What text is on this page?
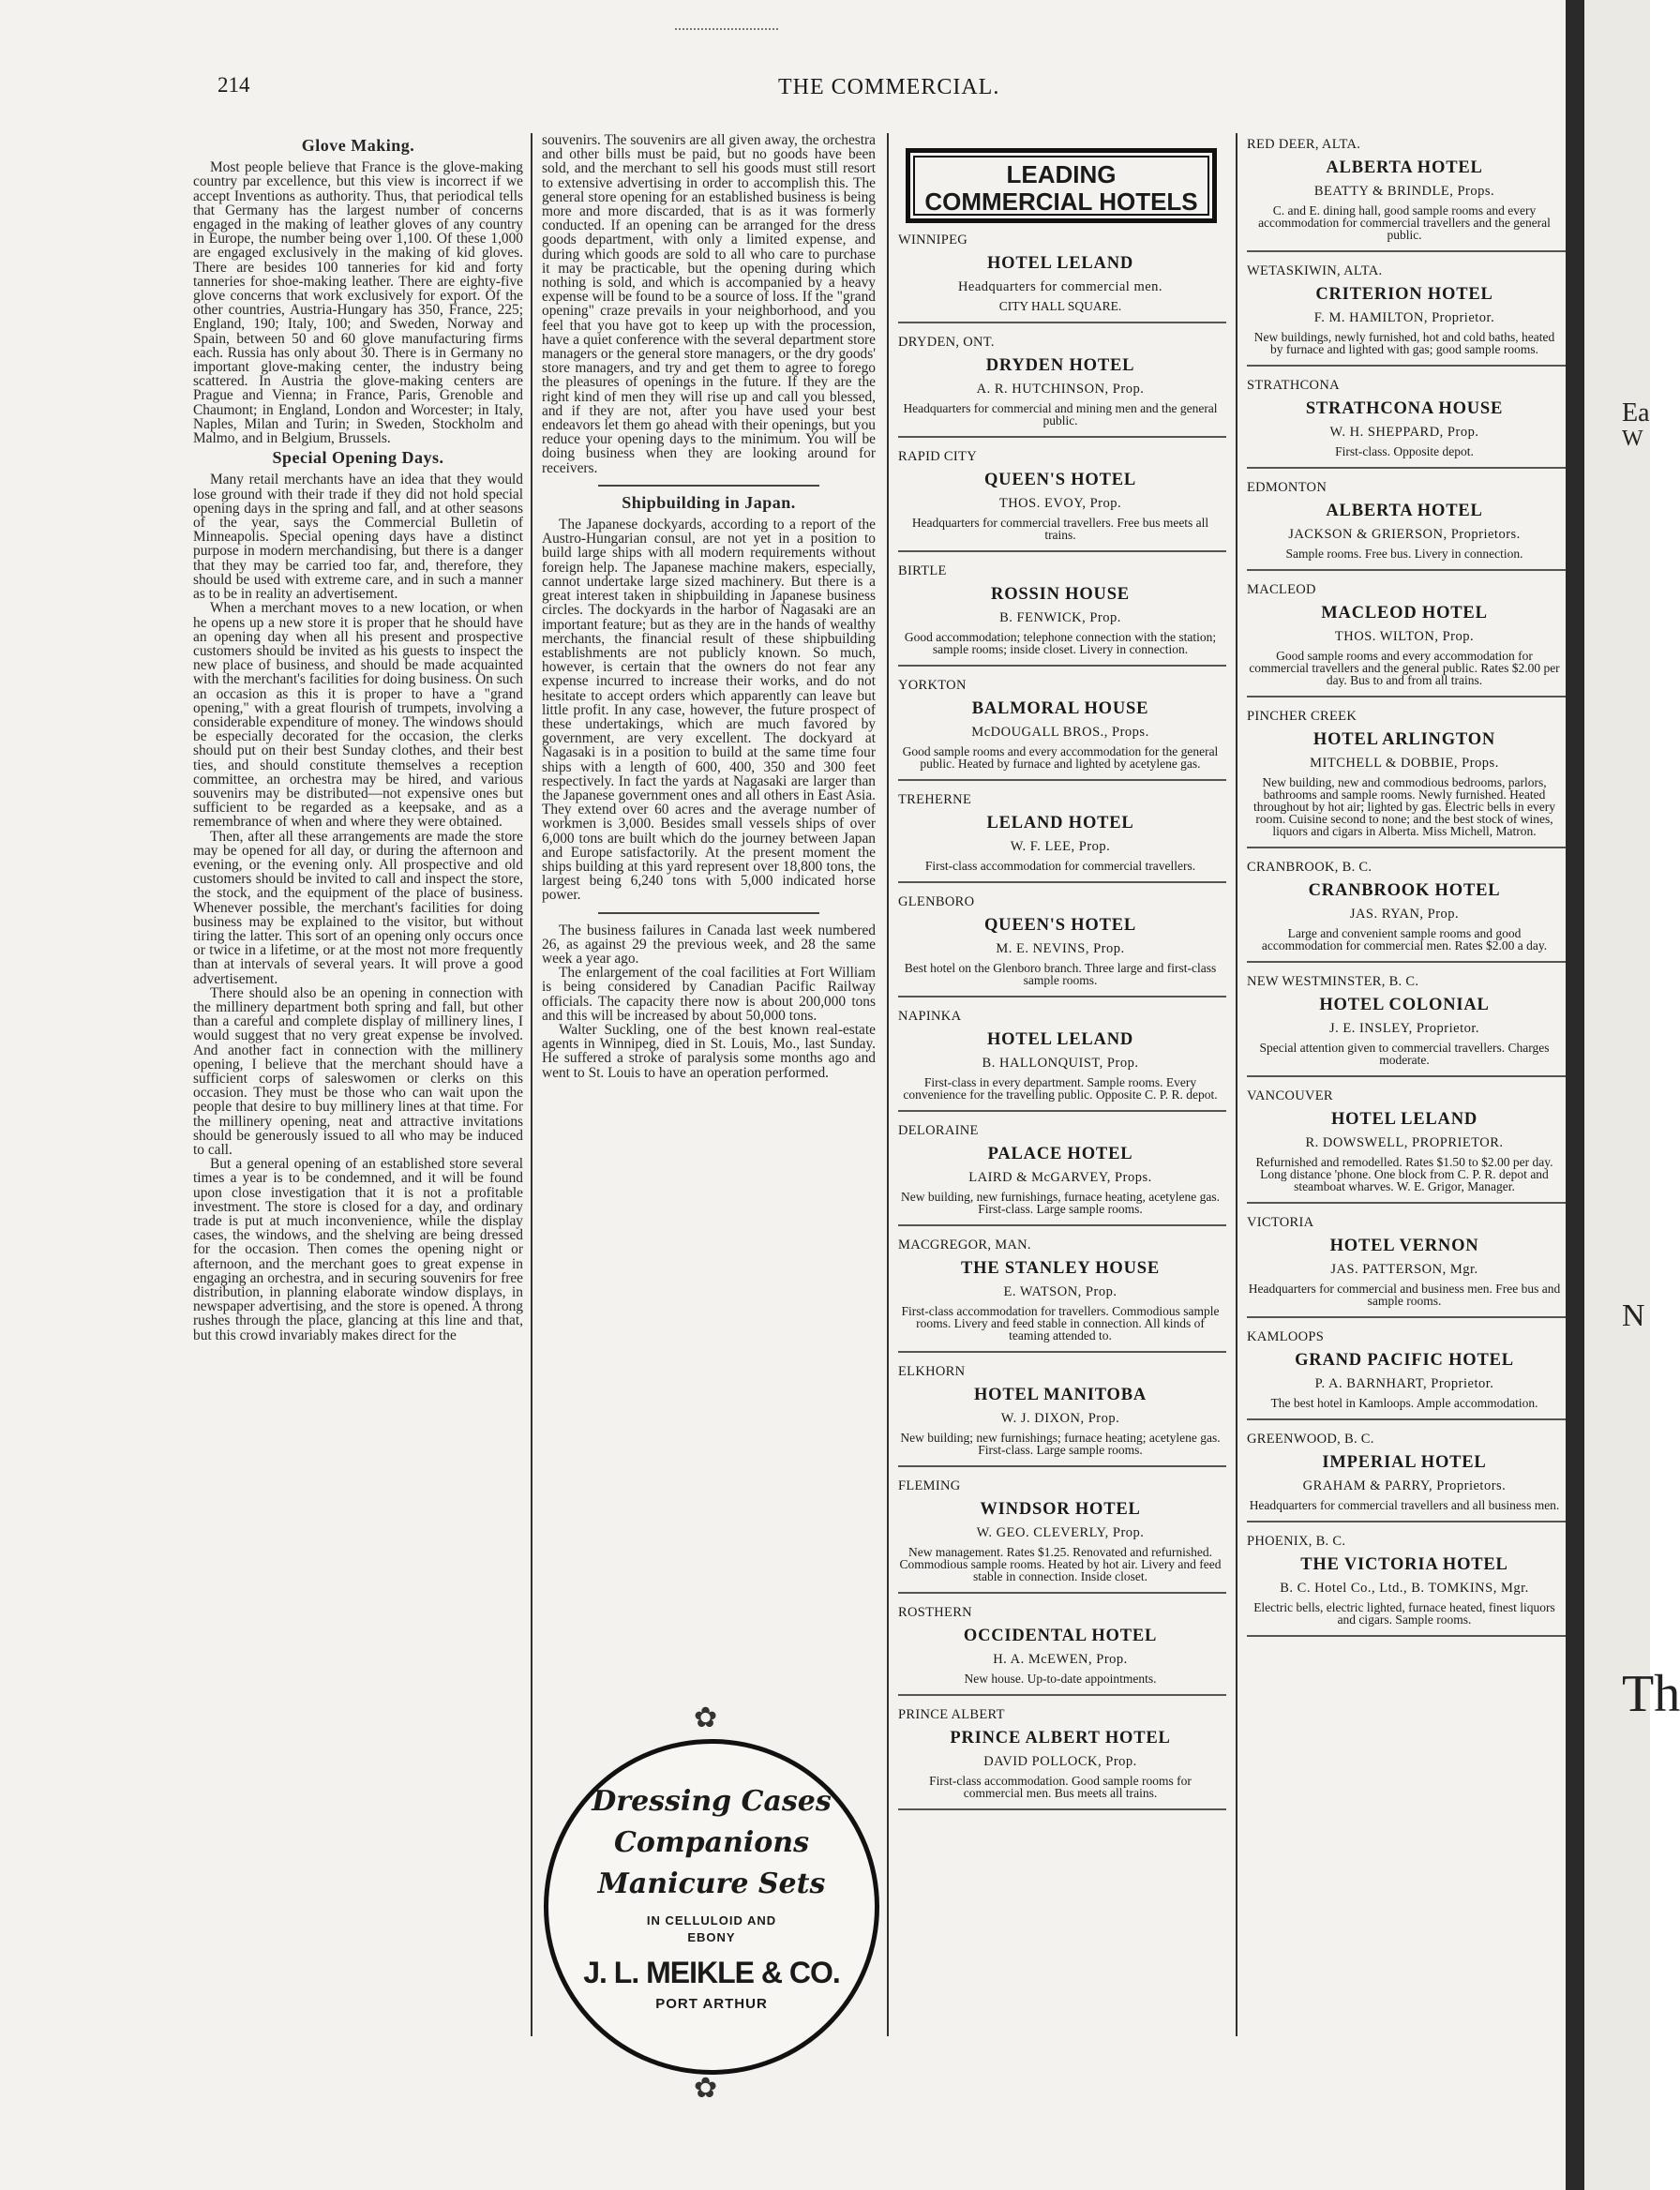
Ea
W
N
Th
214	THE COMMERCIAL.
Glove Making.

Most people believe that France is the glove-making country par excellence, but this view is incorrect if we accept Inventions as authority. Thus, that periodical tells that Germany has the largest number of concerns engaged in the making of leather gloves of any country in Europe, the number being over 1,100. Of these 1,000 are engaged exclusively in the making of kid gloves. There are besides 100 tanneries for kid and forty tanneries for shoe-making leather. There are eighty-five glove concerns that work exclusively for export. Of the other countries, Austria-Hungary has 350, France, 225; England, 190; Italy, 100; and Sweden, Norway and Spain, between 50 and 60 glove manufacturing firms each. Russia has only about 30. There is in Germany no important glove-making center, the industry being scattered. In Austria the glove-making centers are Prague and Vienna; in France, Paris, Grenoble and Chaumont; in England, London and Worcester; in Italy, Naples, Milan and Turin; in Sweden, Stockholm and Malmo, and in Belgium, Brussels.

Special Opening Days.

Many retail merchants have an idea that they would lose ground with their trade if they did not hold special opening days in the spring and fall, and at other seasons of the year, says the Commercial Bulletin of Minneapolis. Special opening days have a distinct purpose in modern merchandising, but there is a danger that they may be carried too far, and, therefore, they should be used with extreme care, and in such a manner as to be in reality an advertisement.

When a merchant moves to a new location, or when he opens up a new store it is proper that he should have an opening day when all his present and prospective customers should be invited as his guests to inspect the new place of business, and should be made acquainted with the merchant's facilities for doing business. On such an occasion as this it is proper to have a "grand opening," with a great flourish of trumpets, involving a considerable expenditure of money. The windows should be especially decorated for the occasion, the clerks should put on their best Sunday clothes, and their best ties, and should constitute themselves a reception committee, an orchestra may be hired, and various souvenirs may be distributed—not expensive ones but sufficient to be regarded as a keepsake, and as a remembrance of when and where they were obtained.

Then, after all these arrangements are made the store may be opened for all day, or during the afternoon and evening, or the evening only. All prospective and old customers should be invited to call and inspect the store, the stock, and the equipment of the place of business. Whenever possible, the merchant's facilities for doing business may be explained to the visitor, but without tiring the latter. This sort of an opening only occurs once or twice in a lifetime, or at the most not more frequently than at intervals of several years. It will prove a good advertisement.

There should also be an opening in connection with the millinery department both spring and fall, but other than a careful and complete display of millinery lines, I would suggest that no very great expense be involved. And another fact in connection with the millinery opening, I believe that the merchant should have a sufficient corps of saleswomen or clerks on this occasion. They must be those who can wait upon the people that desire to buy millinery lines at that time. For the millinery opening, neat and attractive invitations should be generously issued to all who may be induced to call.

But a general opening of an established store several times a year is to be condemned, and it will be found upon close investigation that it is not a profitable investment. The store is closed for a day, and ordinary trade is put at much inconvenience, while the display cases, the windows, and the shelving are being dressed for the occasion. Then comes the opening night or afternoon, and the merchant goes to great expense in engaging an orchestra, and in securing souvenirs for free distribution, in planning elaborate window displays, in newspaper advertising, and the store is opened. A throng rushes through the place, glancing at this line and that, but this crowd invariably makes direct for the

souvenirs. The souvenirs are all given away, the orchestra and other bills must be paid, but no goods have been sold, and the merchant to sell his goods must still resort to extensive advertising in order to accomplish this. The general store opening for an established business is being more and more discarded, that is as it was formerly conducted. If an opening can be arranged for the dress goods department, with only a limited expense, and during which goods are sold to all who care to purchase it may be practicable, but the opening during which nothing is sold, and which is accompanied by a heavy expense will be found to be a source of loss. If the "grand opening" craze prevails in your neighborhood, and you feel that you have got to keep up with the procession, have a quiet conference with the several department store managers or the general store managers, or the dry goods' store managers, and try and get them to agree to forego the pleasures of openings in the future. If they are the right kind of men they will rise up and call you blessed, and if they are not, after you have used your best endeavors let them go ahead with their openings, but you reduce your opening days to the minimum. You will be doing business when they are looking around for receivers.

Shipbuilding in Japan.

The Japanese dockyards, according to a report of the Austro-Hungarian consul, are not yet in a position to build large ships with all modern requirements without foreign help. The Japanese machine makers, especially, cannot undertake large sized machinery. But there is a great interest taken in shipbuilding in Japanese business circles. The dockyards in the harbor of Nagasaki are an important feature; but as they are in the hands of wealthy merchants, the financial result of these shipbuilding establishments are not publicly known. So much, however, is certain that the owners do not fear any expense incurred to increase their works, and do not hesitate to accept orders which apparently can leave but little profit. In any case, however, the future prospect of these undertakings, which are much favored by government, are very excellent. The dockyard at Nagasaki is in a position to build at the same time four ships with a length of 600, 400, 350 and 300 feet respectively. In fact the yards at Nagasaki are larger than the Japanese government ones and all others in East Asia. They extend over 60 acres and the average number of workmen is 3,000. Besides small vessels ships of over 6,000 tons are built which do the journey between Japan and Europe satisfactorily. At the present moment the ships building at this yard represent over 18,800 tons, the largest being 6,240 tons with 5,000 indicated horse power.

The business failures in Canada last week numbered 26, as against 29 the previous week, and 28 the same week a year ago.

The enlargement of the coal facilities at Fort William is being considered by Canadian Pacific Railway officials. The capacity there now is about 200,000 tons and this will be increased by about 50,000 tons.

Walter Suckling, one of the best known real-estate agents in Winnipeg, died in St. Louis, Mo., last Sunday. He suffered a stroke of paralysis some months ago and went to St. Louis to have an operation performed.

✿
Dressing Cases
Companions
Manicure Sets
IN CELLULOID AND
EBONY
J. L. MEIKLE & CO.
PORT ARTHUR
✿
LEADING
COMMERCIAL HOTELS
WINNIPEG
HOTEL LELAND
Headquarters for commercial men.
CITY HALL SQUARE.
DRYDEN, ONT.
DRYDEN HOTEL
A. R. HUTCHINSON, Prop.
Headquarters for commercial and mining men and the general public.
RAPID CITY
QUEEN'S HOTEL
THOS. EVOY, Prop.
Headquarters for commercial travellers. Free bus meets all trains.
BIRTLE
ROSSIN HOUSE
B. FENWICK, Prop.
Good accommodation; telephone connection with the station; sample rooms; inside closet. Livery in connection.
YORKTON
BALMORAL HOUSE
McDOUGALL BROS., Props.
Good sample rooms and every accommodation for the general public. Heated by furnace and lighted by acetylene gas.
TREHERNE
LELAND HOTEL
W. F. LEE, Prop.
First-class accommodation for commercial travellers.
GLENBORO
QUEEN'S HOTEL
M. E. NEVINS, Prop.
Best hotel on the Glenboro branch. Three large and first-class sample rooms.
NAPINKA
HOTEL LELAND
B. HALLONQUIST, Prop.
First-class in every department. Sample rooms. Every convenience for the travelling public. Opposite C. P. R. depot.
DELORAINE
PALACE HOTEL
LAIRD & McGARVEY, Props.
New building, new furnishings, furnace heating, acetylene gas. First-class. Large sample rooms.
MACGREGOR, MAN.
THE STANLEY HOUSE
E. WATSON, Prop.
First-class accommodation for travellers. Commodious sample rooms. Livery and feed stable in connection. All kinds of teaming attended to.
ELKHORN
HOTEL MANITOBA
W. J. DIXON, Prop.
New building; new furnishings; furnace heating; acetylene gas. First-class. Large sample rooms.
FLEMING
WINDSOR HOTEL
W. GEO. CLEVERLY, Prop.
New management. Rates $1.25. Renovated and refurnished. Commodious sample rooms. Heated by hot air. Livery and feed stable in connection. Inside closet.
ROSTHERN
OCCIDENTAL HOTEL
H. A. McEWEN, Prop.
New house. Up-to-date appointments.
PRINCE ALBERT
PRINCE ALBERT HOTEL
DAVID POLLOCK, Prop.
First-class accommodation. Good sample rooms for commercial men. Bus meets all trains.
RED DEER, ALTA.
ALBERTA HOTEL
BEATTY & BRINDLE, Props.
C. and E. dining hall, good sample rooms and every accommodation for commercial travellers and the general public.
WETASKIWIN, ALTA.
CRITERION HOTEL
F. M. HAMILTON, Proprietor.
New buildings, newly furnished, hot and cold baths, heated by furnace and lighted with gas; good sample rooms.
STRATHCONA
STRATHCONA HOUSE
W. H. SHEPPARD, Prop.
First-class. Opposite depot.
EDMONTON
ALBERTA HOTEL
JACKSON & GRIERSON, Proprietors.
Sample rooms. Free bus. Livery in connection.
MACLEOD
MACLEOD HOTEL
THOS. WILTON, Prop.
Good sample rooms and every accommodation for commercial travellers and the general public. Rates $2.00 per day. Bus to and from all trains.
PINCHER CREEK
HOTEL ARLINGTON
MITCHELL & DOBBIE, Props.
New building, new and commodious bedrooms, parlors, bathrooms and sample rooms. Newly furnished. Heated throughout by hot air; lighted by gas. Electric bells in every room. Cuisine second to none; and the best stock of wines, liquors and cigars in Alberta. Miss Michell, Matron.
CRANBROOK, B. C.
CRANBROOK HOTEL
JAS. RYAN, Prop.
Large and convenient sample rooms and good accommodation for commercial men. Rates $2.00 a day.
NEW WESTMINSTER, B. C.
HOTEL COLONIAL
J. E. INSLEY, Proprietor.
Special attention given to commercial travellers. Charges moderate.
VANCOUVER
HOTEL LELAND
R. DOWSWELL, PROPRIETOR.
Refurnished and remodelled. Rates $1.50 to $2.00 per day. Long distance 'phone. One block from C. P. R. depot and steamboat wharves. W. E. Grigor, Manager.
VICTORIA
HOTEL VERNON
JAS. PATTERSON, Mgr.
Headquarters for commercial and business men. Free bus and sample rooms.
KAMLOOPS
GRAND PACIFIC HOTEL
P. A. BARNHART, Proprietor.
The best hotel in Kamloops. Ample accommodation.
GREENWOOD, B. C.
IMPERIAL HOTEL
GRAHAM & PARRY, Proprietors.
Headquarters for commercial travellers and all business men.
PHOENIX, B. C.
THE VICTORIA HOTEL
B. C. Hotel Co., Ltd., B. TOMKINS, Mgr.
Electric bells, electric lighted, furnace heated, finest liquors and cigars. Sample rooms.
